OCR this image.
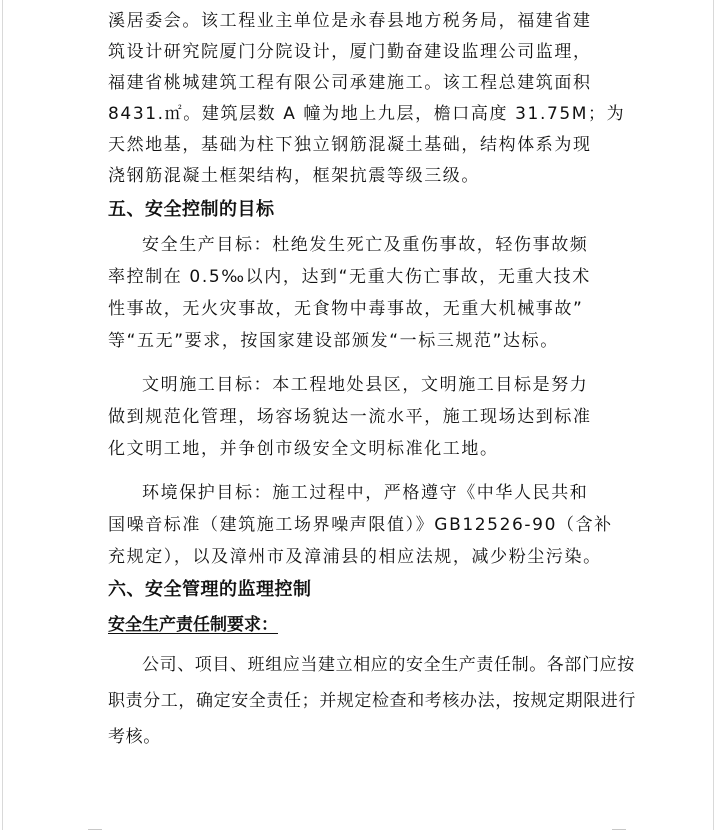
溪居委会。该工程业主单位是永春县地方税务局，福建省建
筑设计研究院厦门分院设计，厦门勤奋建设监理公司监理，
福建省桃城建筑工程有限公司承建施工。该工程总建筑面积
8431.㎡。建筑层数 A 幢为地上九层，檐口高度 31.75M；为
天然地基，基础为柱下独立钢筋混凝土基础，结构体系为现
浇钢筋混凝土框架结构，框架抗震等级三级。
五、安全控制的目标
安全生产目标：杜绝发生死亡及重伤事故，轻伤事故频
率控制在 0.5‰以内，达到“无重大伤亡事故，无重大技术
性事故，无火灾事故，无食物中毒事故，无重大机械事故”
等“五无”要求，按国家建设部颁发“一标三规范”达标。
文明施工目标：本工程地处县区，文明施工目标是努力
做到规范化管理，场容场貌达一流水平，施工现场达到标准
化文明工地，并争创市级安全文明标准化工地。
环境保护目标：施工过程中，严格遵守《中华人民共和
国噪音标准（建筑施工场界噪声限值）》GB12526-90（含补
充规定），以及漳州市及漳浦县的相应法规，减少粉尘污染。
六、安全管理的监理控制
安全生产责任制要求：
公司、项目、班组应当建立相应的安全生产责任制。各部门应按
职责分工，确定安全责任；并规定检查和考核办法，按规定期限进行
考核。
